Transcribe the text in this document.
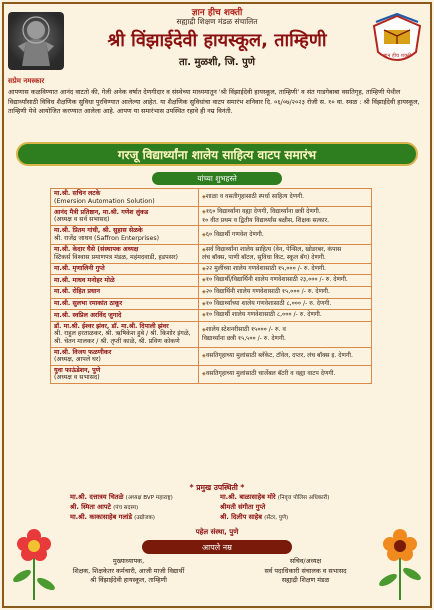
ज्ञान हीच शक्ती
सह्याद्री शिक्षण मंडळ संचालित
श्री विंझाईदेवी हायस्कूल, ताम्हिणी
ज्ञान हीच शक्ती
ता. मुळशी, जि. पुणे
सप्रेम नमस्कार
आपणास कळविण्यात आनंद वाटतो की, गेली अनेक वर्षात देणगीदार व संस्थेच्या माध्यमातून 'श्री विंझाईदेवी हायस्कूल, ताम्हिणी' व संत गाडगेबाबा वसतिगृह, ताम्हिणी येथील विद्यार्थ्यांसाठी विविध शैक्षणिक सुविधा पुरविण्यात आलेल्या आहेत. या शैक्षणिक सुविधांचा वाटप समारंभ शनिवार दि. ०६/०७/२०२३ रोजी स. १० वा. स्थळ : श्री विंझाईदेवी हायस्कूल, ताम्हिणी येथे आयोजित करण्यात आलेला आहे. आपण या समारंभास उपस्थित रहावे ही नम्र विनंती.
गरजू विद्यार्थ्यांना शालेय साहित्य वाटप समारंभ
यांच्या शुभहस्ते
मा.श्री. सचिन लटके
(Emersion Automation Solution)
◈ शाळा व वसतीगृहासाठी स्पर्धा साहित्य देणगी.
आनंद मैत्री प्रतिष्ठान, मा.श्री. गणेश लुंकड
(अध्यक्ष व सर्व सभासद)
◈ १६० विद्यार्थ्यांना वह्या देणगी, विद्यार्थ्यांना छत्री देणगी.
१० वीत प्रथम व द्वितीय विद्यार्थ्यांस बक्षीस, शिक्षक सत्कार.
मा.श्री. प्रितम गांधी, श्री. सुहास सेळके
श्री. राजेंद्र जाधव (Saffron Enterprises)
◈ ६० विद्यार्थी गणवेश देणगी.
मा.श्री. केदार घैसे (संस्थापक अध्यक्ष
स्टिकर्स विश्वास प्रमाणपत्र मंडळ, महंमदवाडी, हडपसर)
◈ सर्व विद्यार्थ्यांना शालेय साहित्य (वेन, पेन्सिल, खोडरबर, कंपास
लंच बॉक्स, पाणी बॉटल, सुविधा किट, स्कूल बॅग) देणगी.
मा.श्री. मृणालिनी गुप्ते	◈ २२ मुलींच्या शालेय गणवेशासाठी १५,००० /- रु. देणगी.
मा.श्री. माधव मनोहर मोळे	◈ १० विद्यार्थी/विद्यार्थिनी शालेय गणवेशासाठी २३,००० /- रु. देणगी.
मा.श्री. रोहित प्रधान	◈ २० विद्यार्थिनी शालेय गणवेशासाठी १५,००० /- रु. देणगी.
मा.श्री. सुलभा रमाकांत ठाकूर	◈ १० विद्यार्थ्यांच्या शालेय गणवेशासाठी ८,००० /- रु. देणगी.
मा.श्री. स्वप्निल अरविंद जुगादे	◈ १० विद्यार्थी शालेय गणवेशासाठी ८,००० /- रु. देणगी.
डॉ. मा.श्री. ईश्वर झंवर, डॉ. मा.श्री. दिपाली झंवर
श्री. राहुल हरताळकर, श्री. ऋषिकेश हुबे / श्री. किशोर इंगळे, श्री. चेतन मालकर / श्री. तृप्ती काळे, श्री. प्रविण कोकणे
◈ शालेय स्टेशनरीसाठी १५००० /- रु. व
विद्यार्थ्यांना छत्री १५,५०० /- रु. देणगी.
मा.श्री. विजय फळणीकर
(अध्यक्ष, आपले घर)
◈ वसतिगृहाच्या मुलांसाठी ब्लॅंकेट, टॉवेल, दप्तर, लंच बॉक्स इ. देणगी.
युवा फाऊंडेशन, पुणे
(अध्यक्ष व सभासद)
◈ वसतिगृहाच्या मुलांसाठी चार्जेबल बॅटरी व वह्या वाटप देणगी.
* प्रमुख उपस्थिती *
मा.श्री. दत्तात्रय चितळे (अध्यक्ष BVP महाराष्ट्र)	मा.श्री. बाळासाहेब मोरे (निवृत्त पोलिस अधिकारी)
श्री. स्मिता आपटे (पंच सदस्य)	श्रीमती संगीता गुप्ते
मा.श्री. काकासाहेब गलांडे (उद्योजक)	श्री. दिलीप साहेब (सेंटर, पुणे)
पहेल संस्था, पुणे
आपले नम्र
मुख्याध्यापक,
शिक्षक, शिक्षकेतर कर्मचारी, आजी माजी विद्यार्थी
श्री विंझाईदेवी हायस्कूल, ताम्हिणी
सचिव/अध्यक्ष
सर्व पदाधिकारी संचालक व सभासद
सह्याद्री शिक्षण मंडळ
